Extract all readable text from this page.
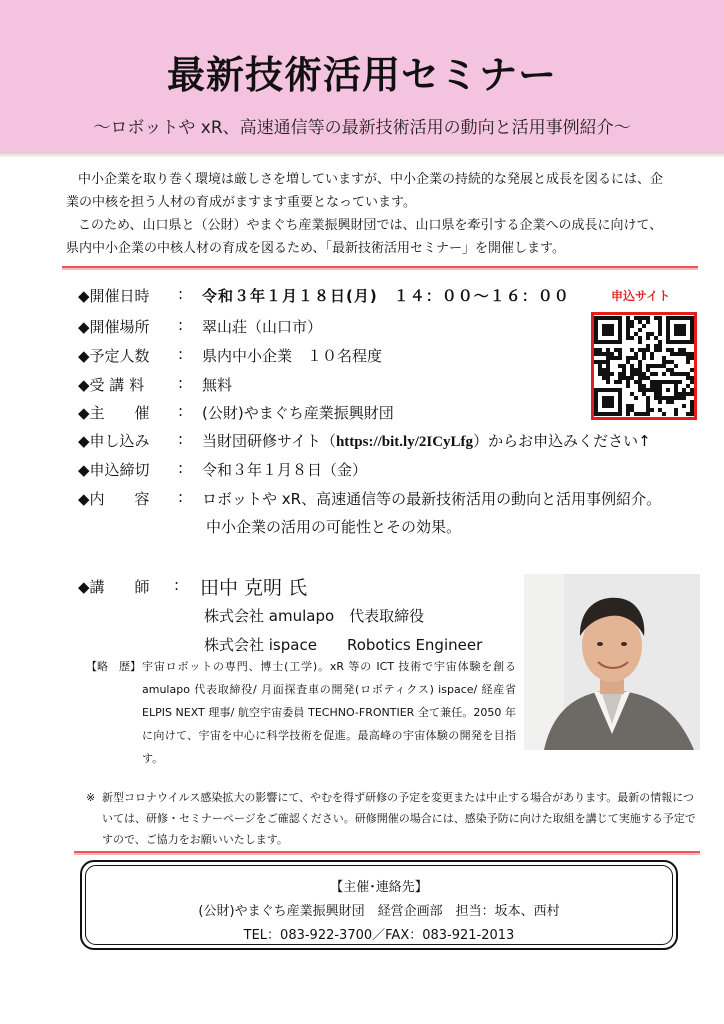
最新技術活用セミナー
～ロボットや xR、高速通信等の最新技術活用の動向と活用事例紹介～

中小企業を取り巻く環境は厳しさを増していますが、中小企業の持続的な発展と成長を図るには、企

業の中核を担う人材の育成がますます重要となっています。

このため、山口県と（公財）やまぐち産業振興財団では、山口県を牽引する企業への成長に向けて、

県内中小企業の中核人材の育成を図るため、「最新技術活用セミナー」を開催します。

◆開催日時	: 令和３年１月１８日(月)　１４：００～１６：００
◆開催場所	: 翠山荘（山口市）
◆予定人数	: 県内中小企業　１０名程度
◆受 講 料	: 無料
◆主　　催	: (公財)やまぐち産業振興財団
◆申し込み	: 当財団研修サイト（https://bit.ly/2ICyLfg）からお申込みください↑
◆申込締切	: 令和３年１月８日（金）
◆内　　容	: ロボットや xR、高速通信等の最新技術活用の動向と活用事例紹介。
中小企業の活用の可能性とその効果。
申込サイト
◆講　　師 : 田中 克明 氏
株式会社 amulapo　代表取締役
株式会社 ispace　　Robotics Engineer
【略　歴】 宇宙ロボットの専門、博士(工学)。xR 等の ICT 技術で宇宙体験を創る amulapo 代表取締役/ 月面探査車の開発(ロボティクス) ispace/ 経産省 ELPIS NEXT 理事/ 航空宇宙委員 TECHNO-FRONTIER 全て兼任。2050 年に向けて、宇宙を中心に科学技術を促進。最高峰の宇宙体験の開発を目指す。
※ 新型コロナウイルス感染拡大の影響にて、やむを得ず研修の予定を変更または中止する場合があります。最新の情報については、研修・セミナーページをご確認ください。研修開催の場合には、感染予防に向けた取組を講じて実施する予定ですので、ご協力をお願いいたします。
【主催･連絡先】
(公財)やまぐち産業振興財団　経営企画部　担当：坂本、西村
TEL：083-922-3700／FAX：083-921-2013
